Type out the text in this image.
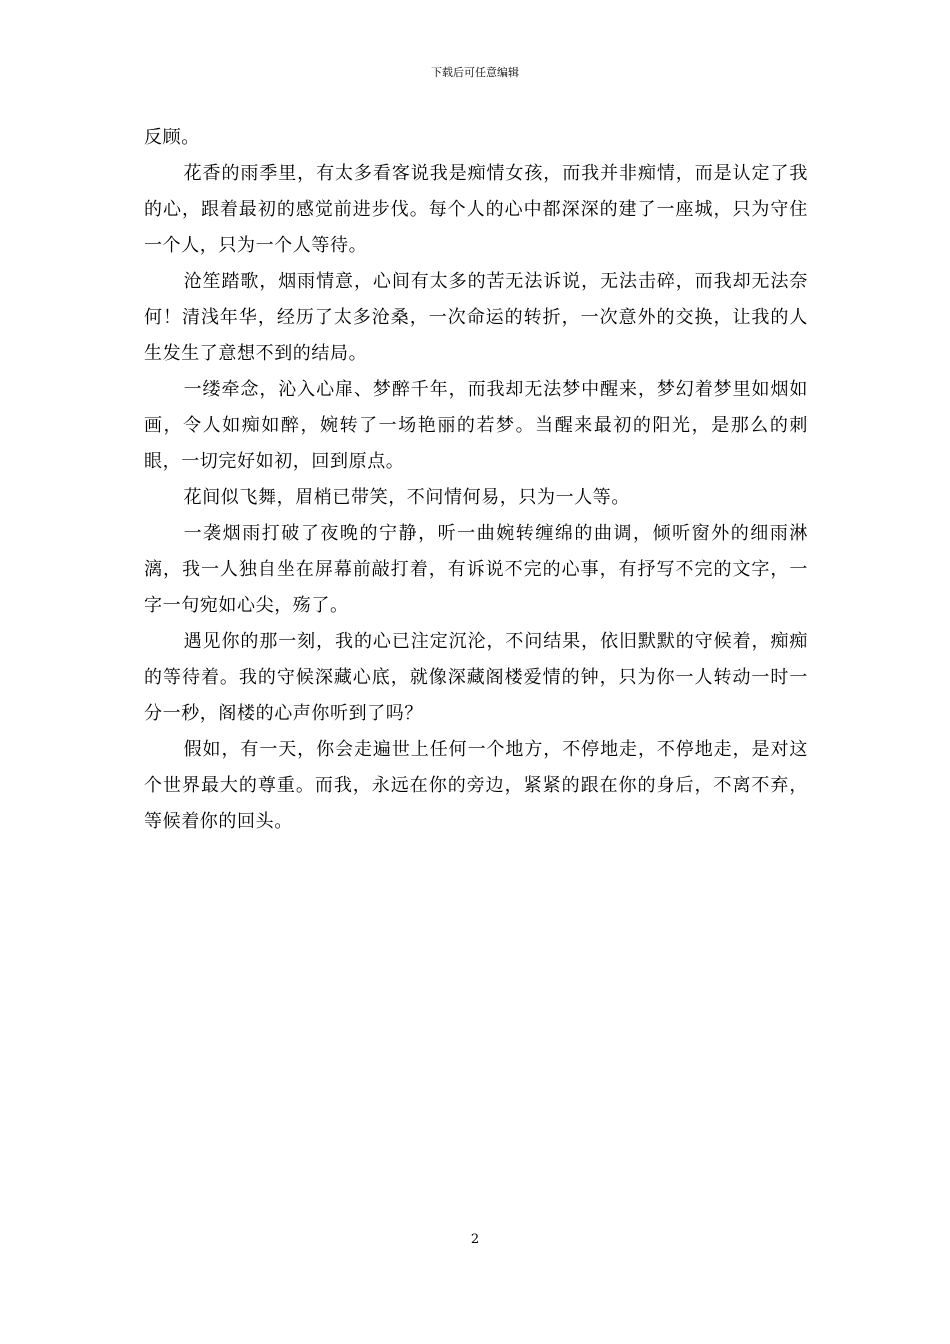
下载后可任意编辑

反顾。

花香的雨季里，有太多看客说我是痴情女孩，而我并非痴情，而是认定了我的心，跟着最初的感觉前进步伐。每个人的心中都深深的建了一座城，只为守住一个人，只为一个人等待。

沧笙踏歌，烟雨情意，心间有太多的苦无法诉说，无法击碎，而我却无法奈何！清浅年华，经历了太多沧桑，一次命运的转折，一次意外的交换，让我的人生发生了意想不到的结局。

一缕牵念，沁入心扉、梦醉千年，而我却无法梦中醒来，梦幻着梦里如烟如画，令人如痴如醉，婉转了一场艳丽的若梦。当醒来最初的阳光，是那么的刺眼，一切完好如初，回到原点。

花间似飞舞，眉梢已带笑，不问情何易，只为一人等。

一袭烟雨打破了夜晚的宁静，听一曲婉转缠绵的曲调，倾听窗外的细雨淋漓，我一人独自坐在屏幕前敲打着，有诉说不完的心事，有抒写不完的文字，一字一句宛如心尖，殇了。

遇见你的那一刻，我的心已注定沉沦，不问结果，依旧默默的守候着，痴痴的等待着。我的守候深藏心底，就像深藏阁楼爱情的钟，只为你一人转动一时一分一秒，阁楼的心声你听到了吗？

假如，有一天，你会走遍世上任何一个地方，不停地走，不停地走，是对这个世界最大的尊重。而我，永远在你的旁边，紧紧的跟在你的身后，不离不弃，等候着你的回头。

2
